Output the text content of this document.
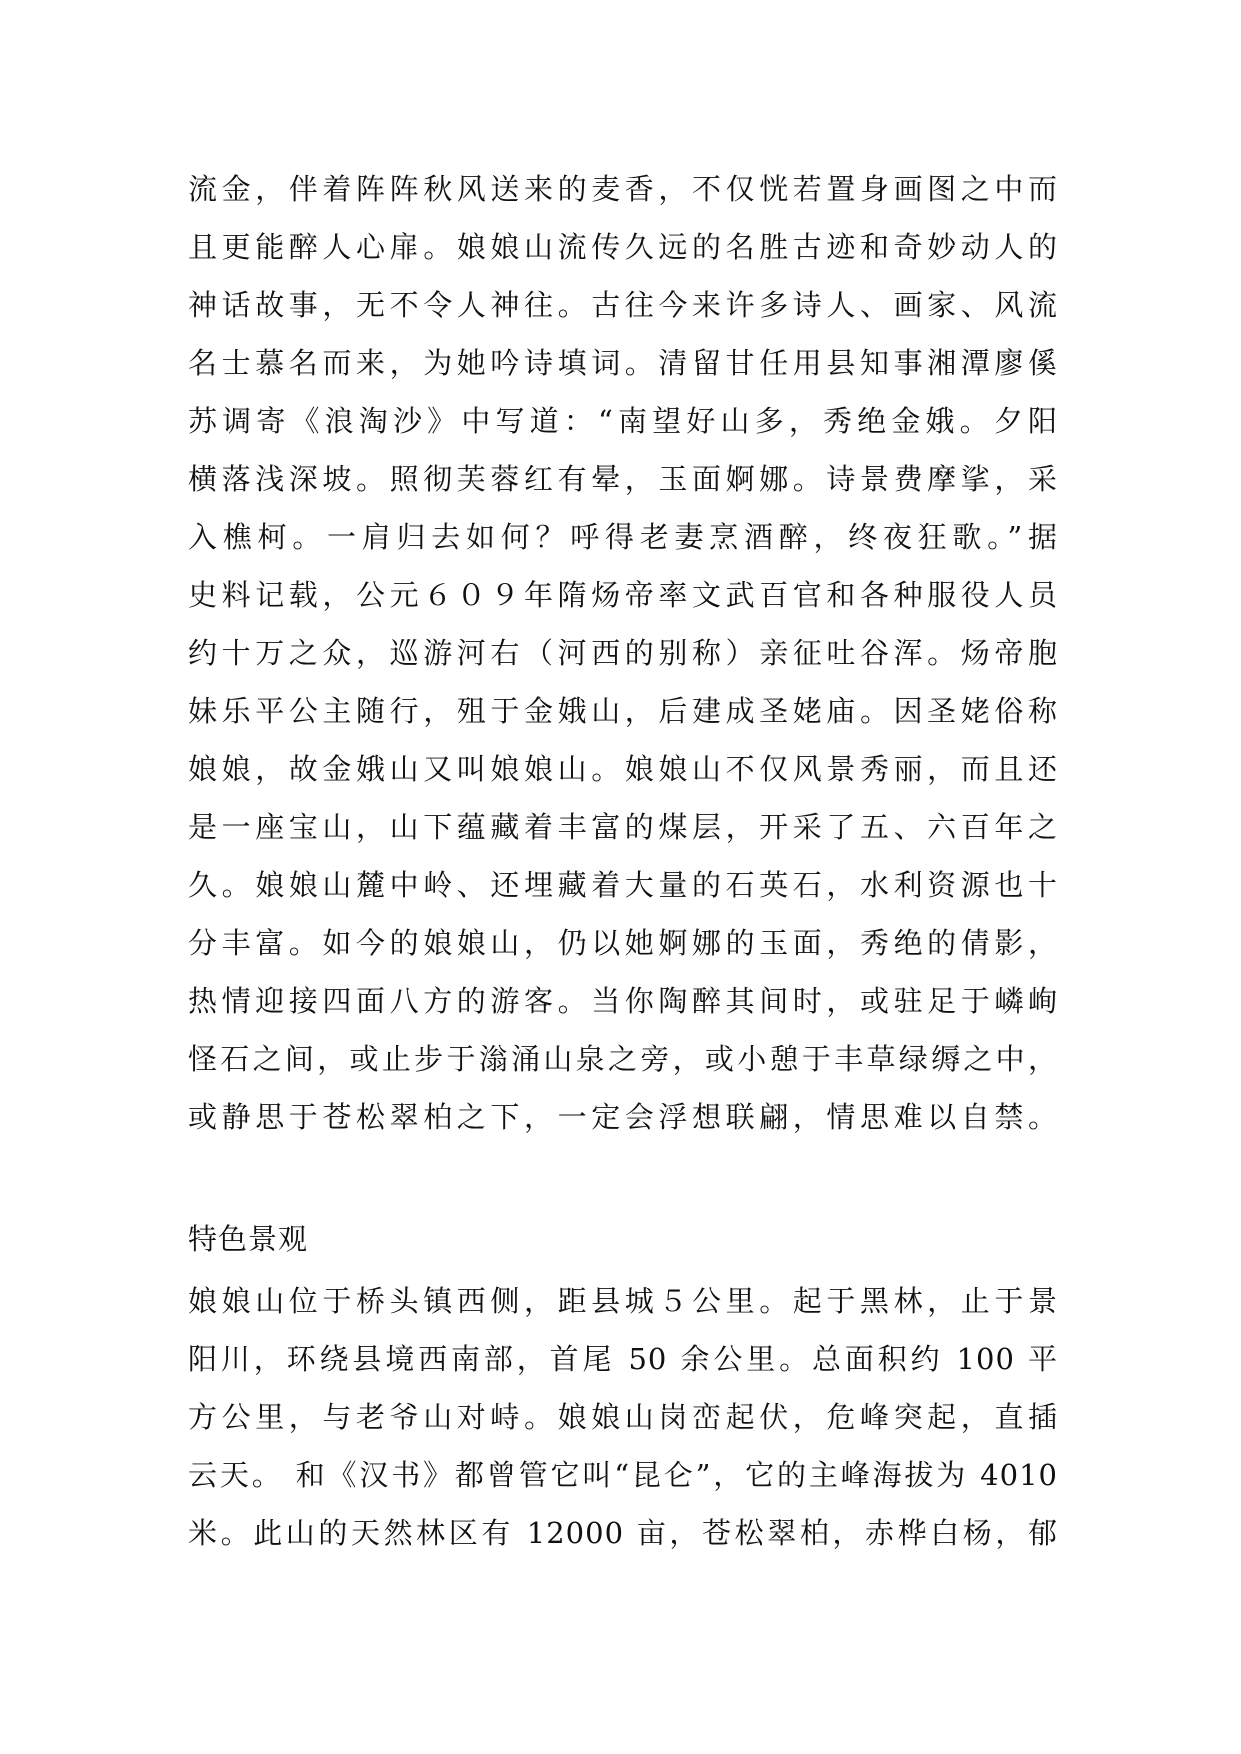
流金，伴着阵阵秋风送来的麦香，不仅恍若置身画图之中而
且更能醉人心扉。娘娘山流传久远的名胜古迹和奇妙动人的
神话故事，无不令人神往。古往今来许多诗人、画家、风流
名士慕名而来，为她吟诗填词。清留甘任用县知事湘潭廖傒
苏调寄《浪淘沙》中写道：“南望好山多，秀绝金娥。夕阳
横落浅深坡。照彻芙蓉红有晕，玉面婀娜。诗景费摩挲，采
入樵柯。一肩归去如何？呼得老妻烹酒醉，终夜狂歌。”据
史料记载，公元６０９年隋炀帝率文武百官和各种服役人员
约十万之众，巡游河右（河西的别称）亲征吐谷浑。炀帝胞
妹乐平公主随行，殂于金娥山，后建成圣姥庙。因圣姥俗称
娘娘，故金娥山又叫娘娘山。娘娘山不仅风景秀丽，而且还
是一座宝山，山下蕴藏着丰富的煤层，开采了五、六百年之
久。娘娘山麓中岭、还埋藏着大量的石英石，水利资源也十
分丰富。如今的娘娘山，仍以她婀娜的玉面，秀绝的倩影，
热情迎接四面八方的游客。当你陶醉其间时，或驻足于嶙峋
怪石之间，或止步于滃涌山泉之旁，或小憩于丰草绿缛之中，
或静思于苍松翠柏之下，一定会浮想联翩，情思难以自禁。
特色景观
娘娘山位于桥头镇西侧，距县城５公里。起于黑林，止于景
阳川，环绕县境西南部，首尾 50 余公里。总面积约 100 平
方公里，与老爷山对峙。娘娘山岗峦起伏，危峰突起，直插
云天。 和《汉书》都曾管它叫“昆仑”，它的主峰海拔为 4010
米。此山的天然林区有 12000 亩，苍松翠柏，赤桦白杨，郁
